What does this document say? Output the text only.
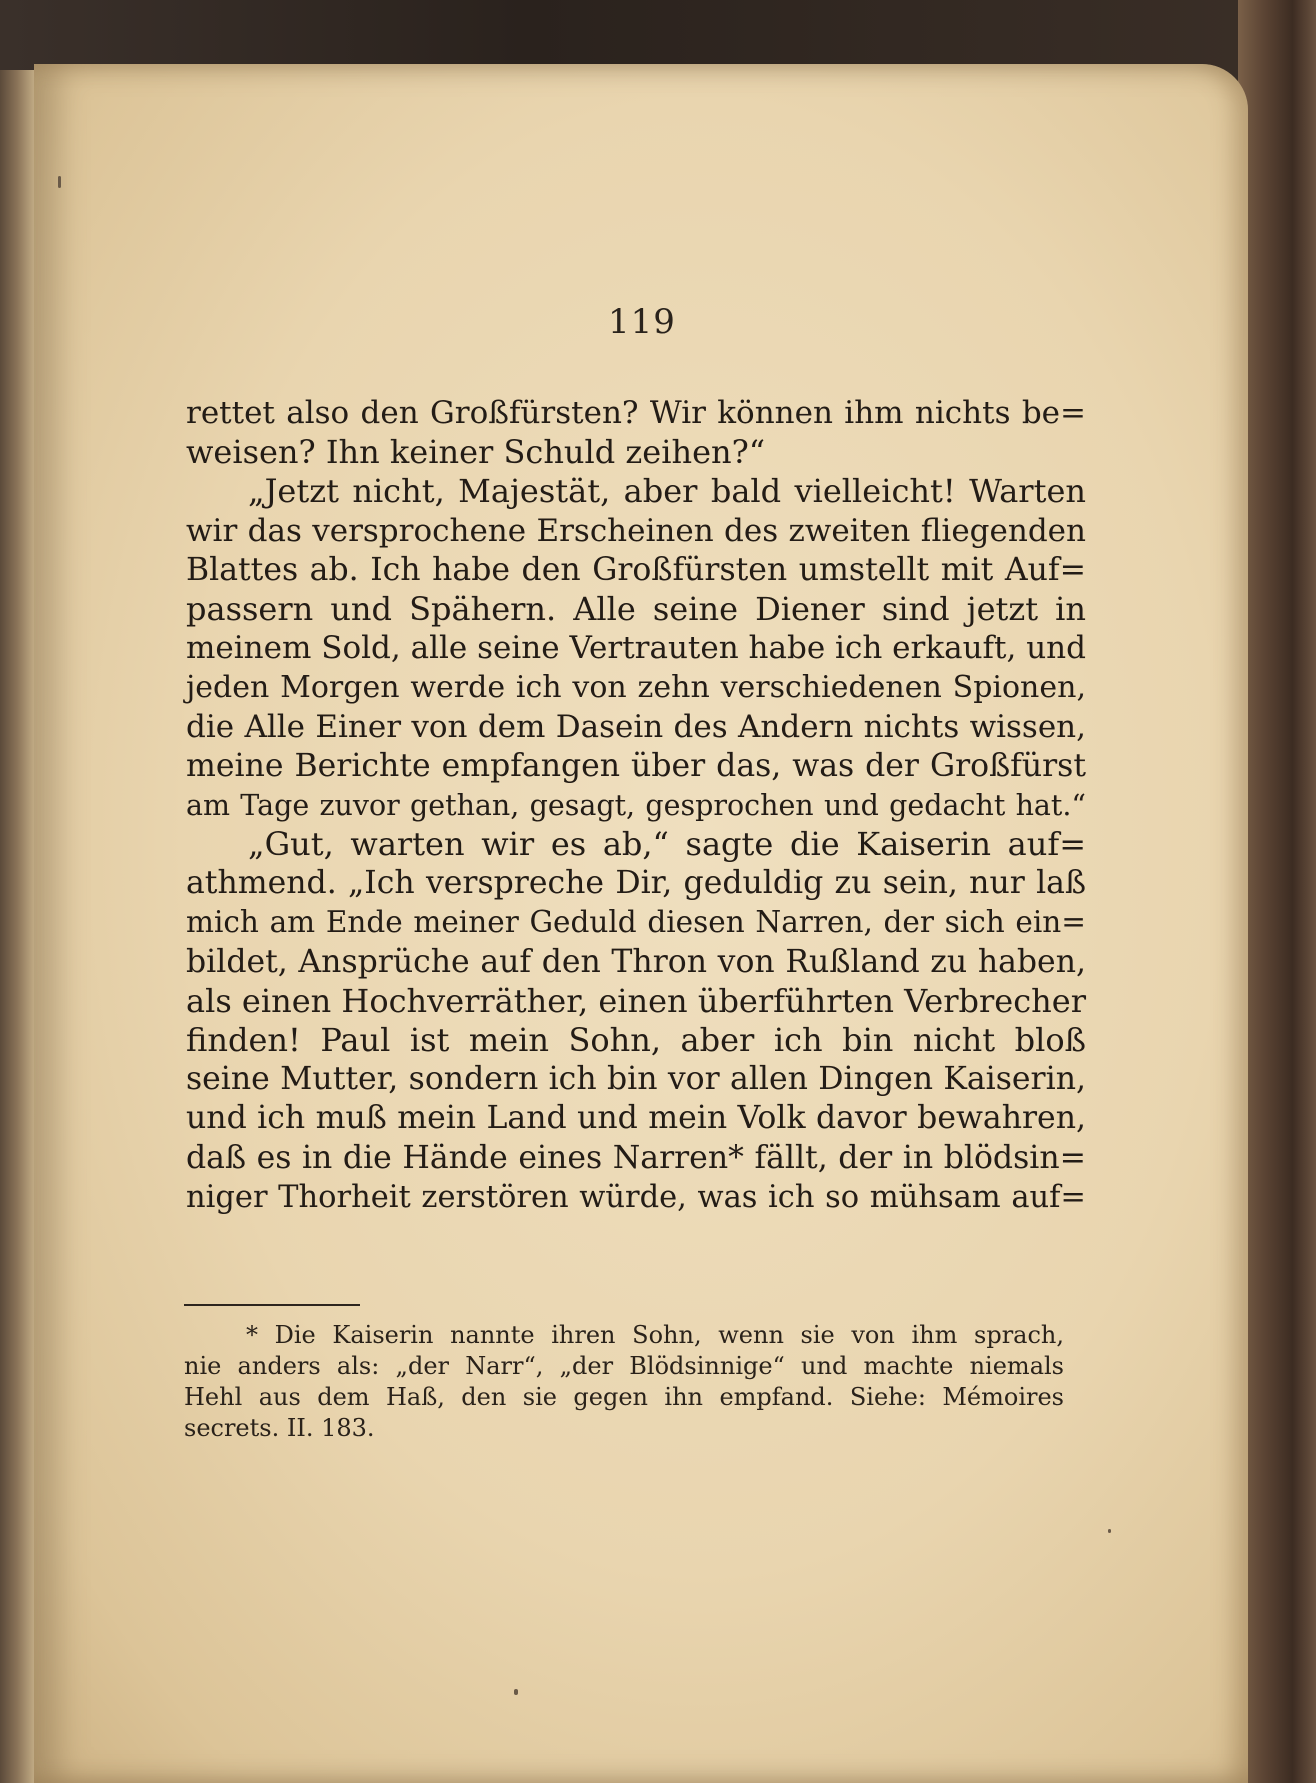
119
rettet also den Großfürsten? Wir können ihm nichts be=
weisen? Ihn keiner Schuld zeihen?“
„Jetzt nicht, Majestät, aber bald vielleicht! Warten
wir das versprochene Erscheinen des zweiten fliegenden
Blattes ab. Ich habe den Großfürsten umstellt mit Auf=
passern und Spähern. Alle seine Diener sind jetzt in
meinem Sold, alle seine Vertrauten habe ich erkauft, und
jeden Morgen werde ich von zehn verschiedenen Spionen,
die Alle Einer von dem Dasein des Andern nichts wissen,
meine Berichte empfangen über das, was der Großfürst
am Tage zuvor gethan, gesagt, gesprochen und gedacht hat.“
„Gut, warten wir es ab,“ sagte die Kaiserin auf=
athmend. „Ich verspreche Dir, geduldig zu sein, nur laß
mich am Ende meiner Geduld diesen Narren, der sich ein=
bildet, Ansprüche auf den Thron von Rußland zu haben,
als einen Hochverräther, einen überführten Verbrecher
finden! Paul ist mein Sohn, aber ich bin nicht bloß
seine Mutter, sondern ich bin vor allen Dingen Kaiserin,
und ich muß mein Land und mein Volk davor bewahren,
daß es in die Hände eines Narren* fällt, der in blödsin=
niger Thorheit zerstören würde, was ich so mühsam auf=
* Die Kaiserin nannte ihren Sohn, wenn sie von ihm sprach,
nie anders als: „der Narr“, „der Blödsinnige“ und machte niemals
Hehl aus dem Haß, den sie gegen ihn empfand. Siehe: Mémoires
secrets. II. 183.
